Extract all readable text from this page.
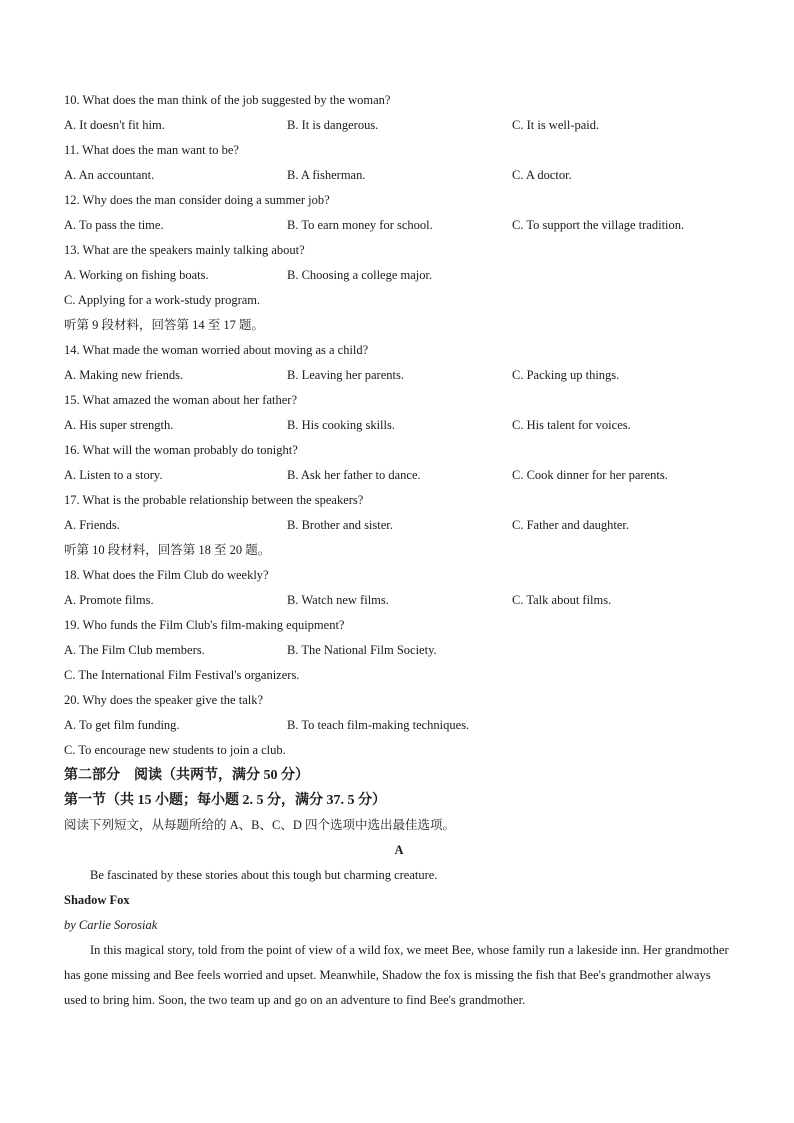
10. What does the man think of the job suggested by the woman?
A. It doesn't fit him.	B. It is dangerous.	C. It is well-paid.
11. What does the man want to be?
A. An accountant.	B. A fisherman.	C. A doctor.
12. Why does the man consider doing a summer job?
A. To pass the time.	B. To earn money for school.	C. To support the village tradition.
13. What are the speakers mainly talking about?
A. Working on fishing boats.	B. Choosing a college major.
C. Applying for a work-study program.
听第 9 段材料，回答第 14 至 17 题。
14. What made the woman worried about moving as a child?
A. Making new friends.	B. Leaving her parents.	C. Packing up things.
15. What amazed the woman about her father?
A. His super strength.	B. His cooking skills.	C. His talent for voices.
16. What will the woman probably do tonight?
A. Listen to a story.	B. Ask her father to dance.	C. Cook dinner for her parents.
17. What is the probable relationship between the speakers?
A. Friends.	B. Brother and sister.	C. Father and daughter.
听第 10 段材料，回答第 18 至 20 题。
18. What does the Film Club do weekly?
A. Promote films.	B. Watch new films.	C. Talk about films.
19. Who funds the Film Club's film-making equipment?
A. The Film Club members.	B. The National Film Society.
C. The International Film Festival's organizers.
20. Why does the speaker give the talk?
A. To get film funding.	B. To teach film-making techniques.
C. To encourage new students to join a club.
第二部分　阅读（共两节，满分 50 分）
第一节（共 15 小题；每小题 2. 5 分，满分 37. 5 分）
阅读下列短文，从每题所给的 A、B、C、D 四个选项中选出最佳选项。
A
Be fascinated by these stories about this tough but charming creature.
Shadow Fox
by Carlie Sorosiak
In this magical story, told from the point of view of a wild fox, we meet Bee, whose family run a lakeside inn. Her grandmother has gone missing and Bee feels worried and upset. Meanwhile, Shadow the fox is missing the fish that Bee's grandmother always used to bring him. Soon, the two team up and go on an adventure to find Bee's grandmother.
